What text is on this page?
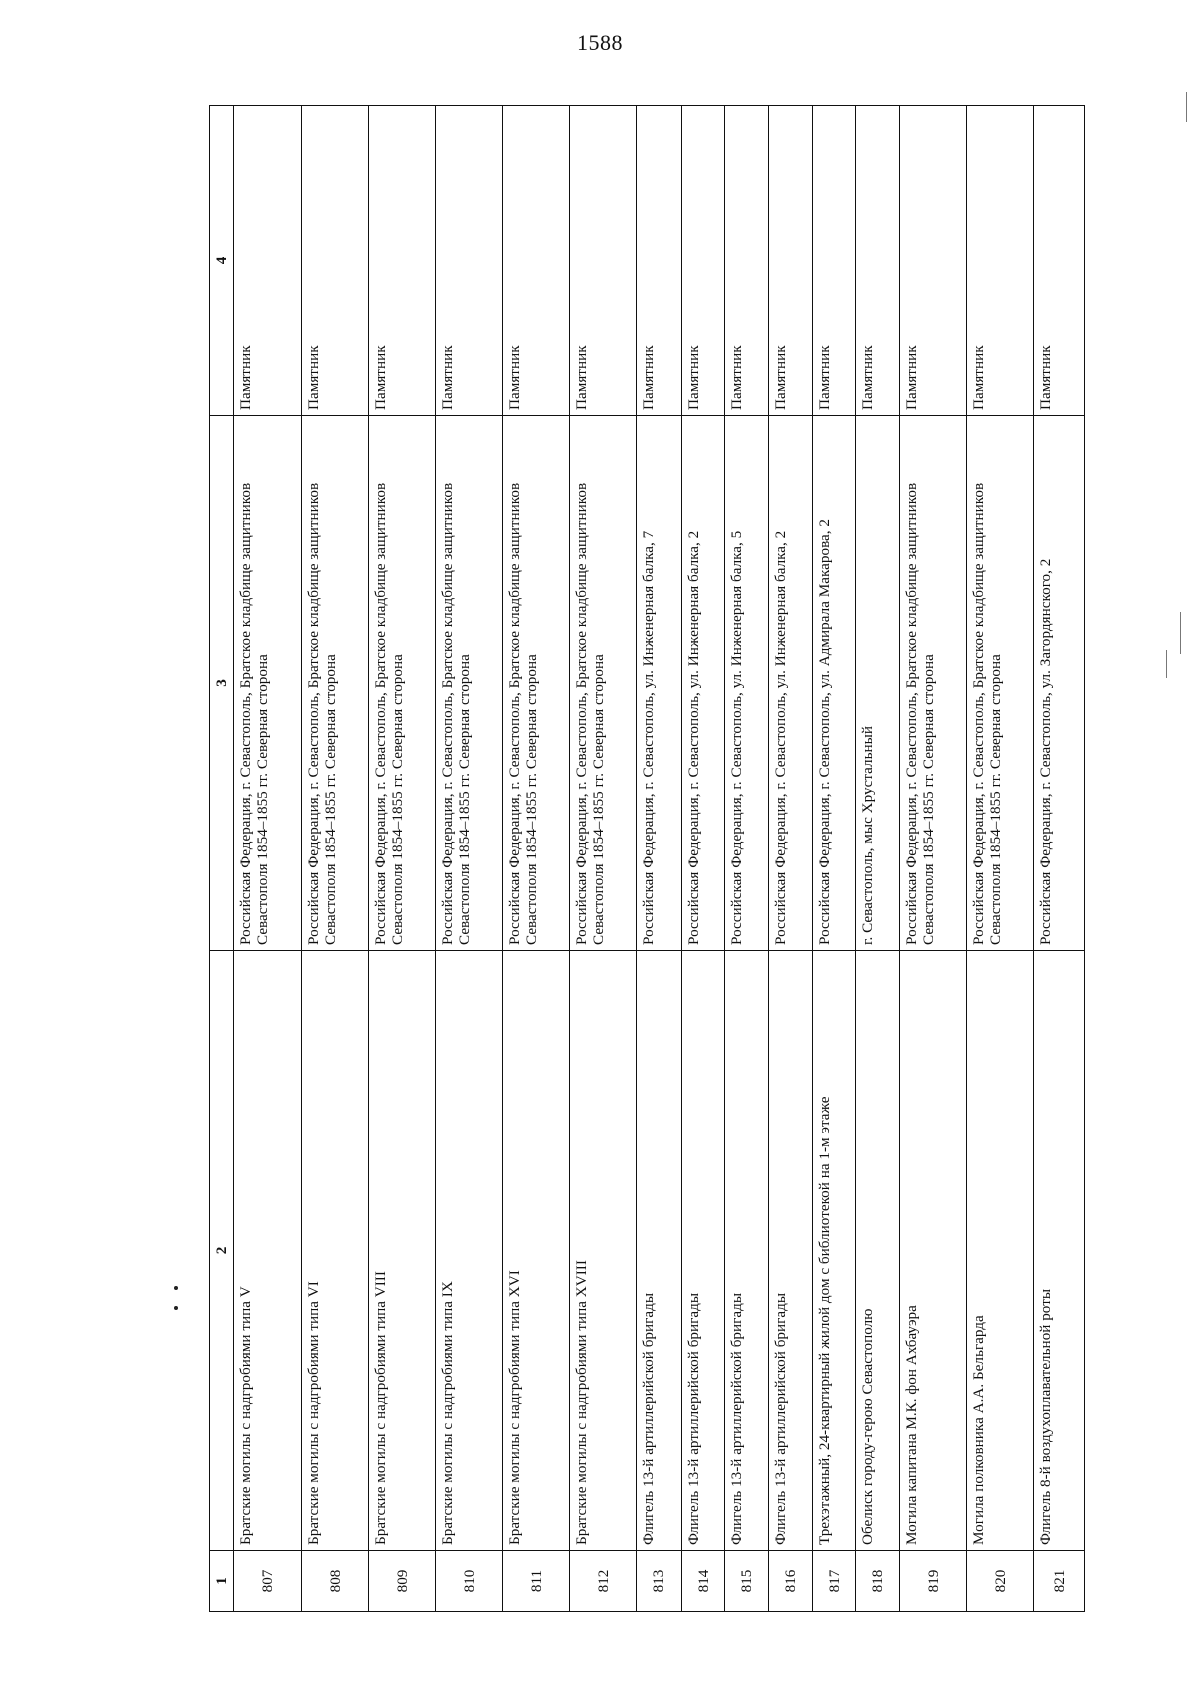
1588
1	2	3	4
807	Братские могилы с надгробиями типа V	Российская Федерация, г. Севастополь, Братское кладбище защитников Севастополя 1854–1855 гг. Северная сторона	Памятник
808	Братские могилы с надгробиями типа VI	Российская Федерация, г. Севастополь, Братское кладбище защитников Севастополя 1854–1855 гг. Северная сторона	Памятник
809	Братские могилы с надгробиями типа VIII	Российская Федерация, г. Севастополь, Братское кладбище защитников Севастополя 1854–1855 гг. Северная сторона	Памятник
810	Братские могилы с надгробиями типа IX	Российская Федерация, г. Севастополь, Братское кладбище защитников Севастополя 1854–1855 гг. Северная сторона	Памятник
811	Братские могилы с надгробиями типа XVI	Российская Федерация, г. Севастополь, Братское кладбище защитников Севастополя 1854–1855 гг. Северная сторона	Памятник
812	Братские могилы с надгробиями типа XVIII	Российская Федерация, г. Севастополь, Братское кладбище защитников Севастополя 1854–1855 гг. Северная сторона	Памятник
813	Флигель 13-й артиллерийской бригады	Российская Федерация, г. Севастополь, ул. Инженерная балка, 7	Памятник
814	Флигель 13-й артиллерийской бригады	Российская Федерация, г. Севастополь, ул. Инженерная балка, 2	Памятник
815	Флигель 13-й артиллерийской бригады	Российская Федерация, г. Севастополь, ул. Инженерная балка, 5	Памятник
816	Флигель 13-й артиллерийской бригады	Российская Федерация, г. Севастополь, ул. Инженерная балка, 2	Памятник
817	Трехэтажный, 24-квартирный жилой дом с библиотекой на 1-м этаже	Российская Федерация, г. Севастополь, ул. Адмирала Макарова, 2	Памятник
818	Обелиск городу-герою Севастополю	г. Севастополь, мыс Хрустальный	Памятник
819	Могила капитана М.К. фон Ахбауэра	Российская Федерация, г. Севастополь, Братское кладбище защитников Севастополя 1854–1855 гг. Северная сторона	Памятник
820	Могила полковника А.А. Бельгарда	Российская Федерация, г. Севастополь, Братское кладбище защитников Севастополя 1854–1855 гг. Северная сторона	Памятник
821	Флигель 8-й воздухоплавательной роты	Российская Федерация, г. Севастополь, ул. Загордянского, 2	Памятник
